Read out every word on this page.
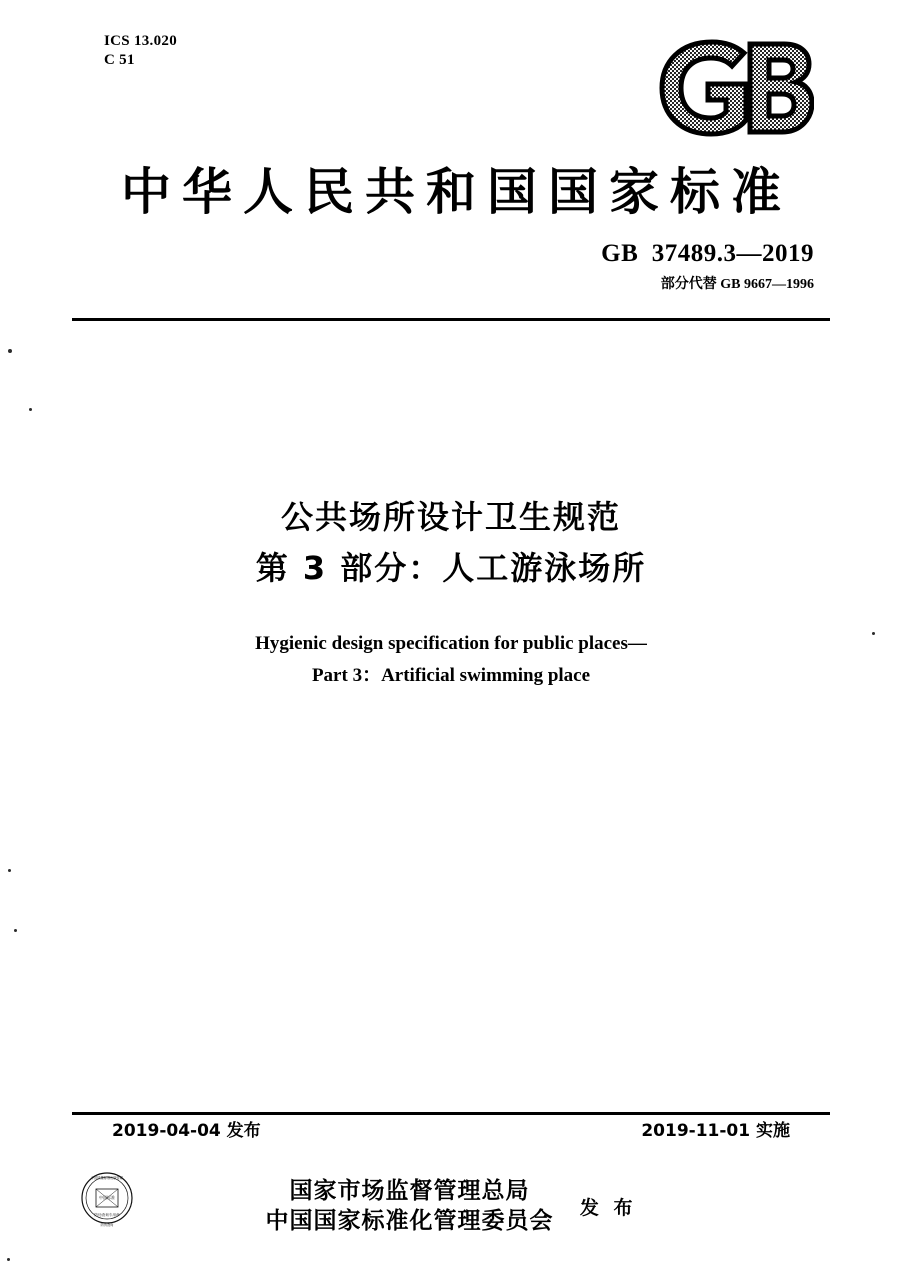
ICS 13.020
C 51
中华人民共和国国家标准
GB  37489.3—2019
部分代替 GB 9667—1996
公共场所设计卫生规范
第 3 部分：人工游泳场所
Hygienic design specification for public places—
Part 3：Artificial swimming place
2019-04-04 发布	2019-11-01 实施
国家市场监督管理总局
中国国家标准化管理委员会
发 布
中国标准
防伪查询专用章
中国质量标准出版传媒
防伪查询
